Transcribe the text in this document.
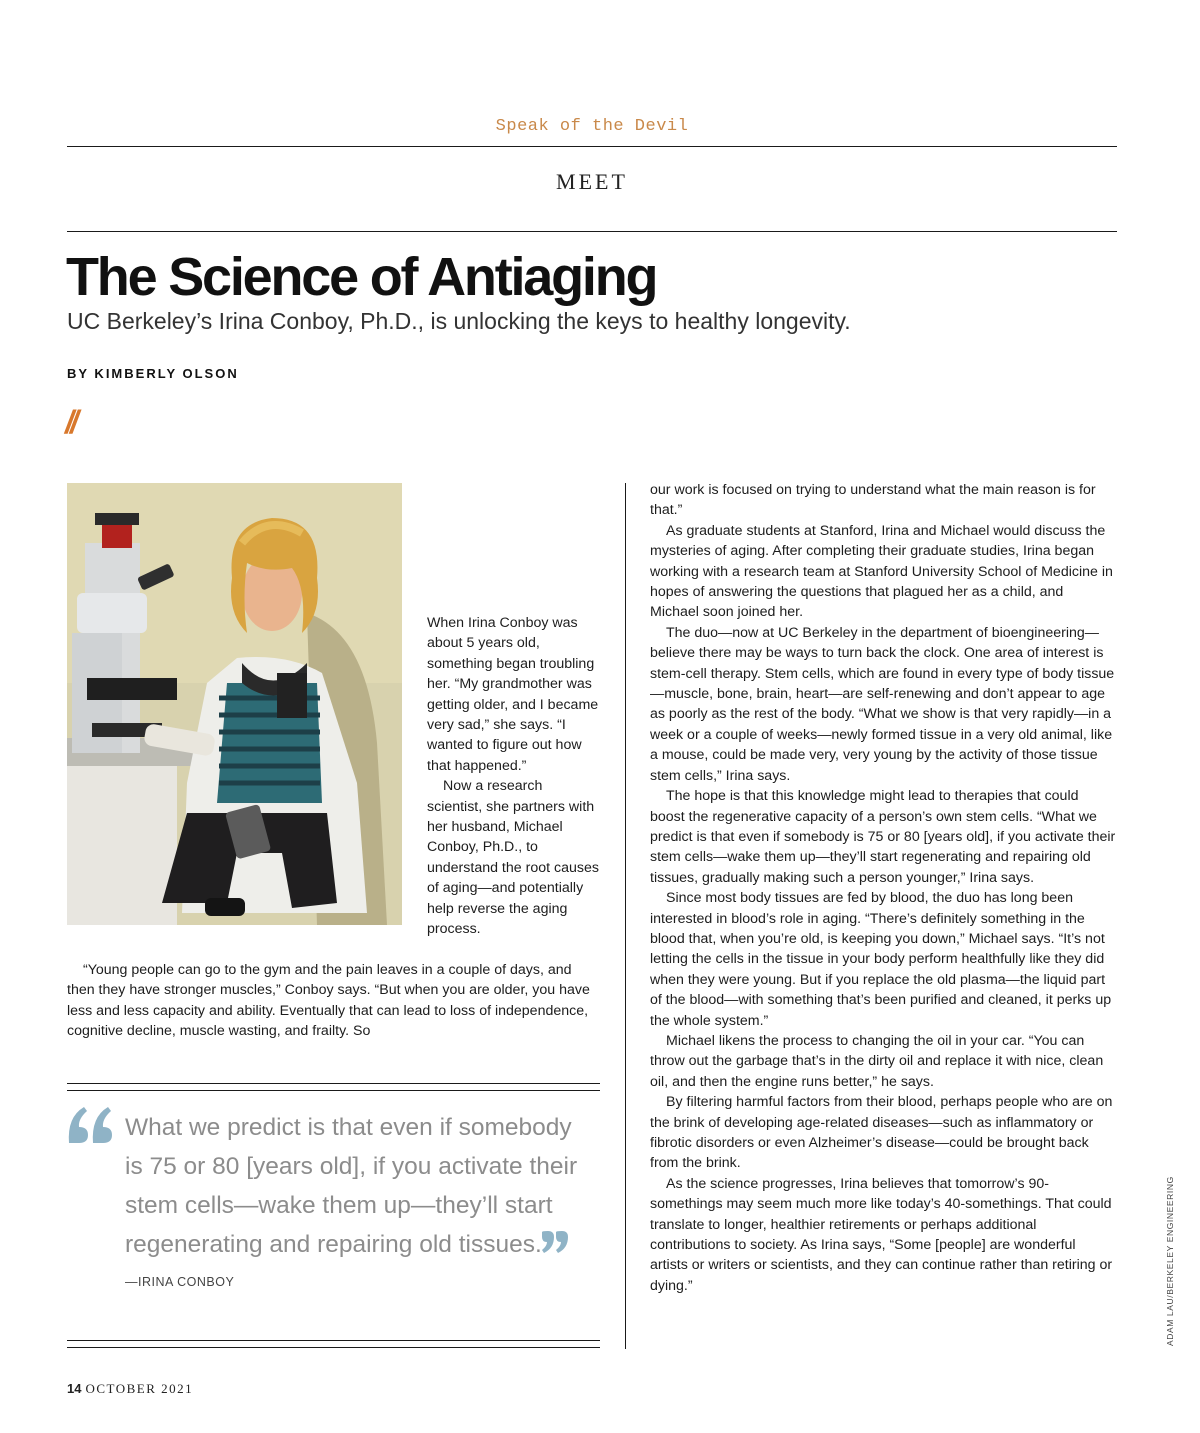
Speak of the Devil
MEET
The Science of Antiaging
UC Berkeley’s Irina Conboy, Ph.D., is unlocking the keys to healthy longevity.
BY KIMBERLY OLSON
//

When Irina Conboy was about 5 years old, something began troubling her. “My grandmother was getting older, and I became very sad,” she says. “I wanted to figure out how that happened.”

Now a research scientist, she partners with her husband, Michael Conboy, Ph.D., to understand the root causes of aging—and potentially help reverse the aging process.

“Young people can go to the gym and the pain leaves in a couple of days, and then they have stronger muscles,” Conboy says. “But when you are older, you have less and less capacity and ability. Eventually that can lead to loss of independence, cognitive decline, muscle wasting, and frailty. So

What we predict is that even if somebody is 75 or 80 [years old], if you activate their stem cells—wake them up—they’ll start regenerating and repairing old tissues.
—IRINA CONBOY

our work is focused on trying to understand what the main reason is for that.”

As graduate students at Stanford, Irina and Michael would discuss the mysteries of aging. After completing their graduate studies, Irina began working with a research team at Stanford University School of Medicine in hopes of answering the questions that plagued her as a child, and Michael soon joined her.

The duo—now at UC Berkeley in the department of bioengineering—believe there may be ways to turn back the clock. One area of interest is stem-cell therapy. Stem cells, which are found in every type of body tissue—muscle, bone, brain, heart—are self-renewing and don’t appear to age as poorly as the rest of the body. “What we show is that very rapidly—in a week or a couple of weeks—newly formed tissue in a very old animal, like a mouse, could be made very, very young by the activity of those tissue stem cells,” Irina says.

The hope is that this knowledge might lead to therapies that could boost the regenerative capacity of a person’s own stem cells. “What we predict is that even if somebody is 75 or 80 [years old], if you activate their stem cells—wake them up—they’ll start regenerating and repairing old tissues, gradually making such a person younger,” Irina says.

Since most body tissues are fed by blood, the duo has long been interested in blood’s role in aging. “There’s definitely something in the blood that, when you’re old, is keeping you down,” Michael says. “It’s not letting the cells in the tissue in your body perform healthfully like they did when they were young. But if you replace the old plasma—the liquid part of the blood—with something that’s been purified and cleaned, it perks up the whole system.”

Michael likens the process to changing the oil in your car. “You can throw out the garbage that’s in the dirty oil and replace it with nice, clean oil, and then the engine runs better,” he says.

By filtering harmful factors from their blood, perhaps people who are on the brink of developing age-related diseases—such as inflammatory or fibrotic disorders or even Alzheimer’s disease—could be brought back from the brink.

As the science progresses, Irina believes that tomorrow’s 90-somethings may seem much more like today’s 40-somethings. That could translate to longer, healthier retirements or perhaps additional contributions to society. As Irina says, “Some [people] are wonderful artists or writers or scientists, and they can continue rather than retiring or dying.”	ADAM LAU/BERKELEY ENGINEERING
14 OCTOBER 2021
